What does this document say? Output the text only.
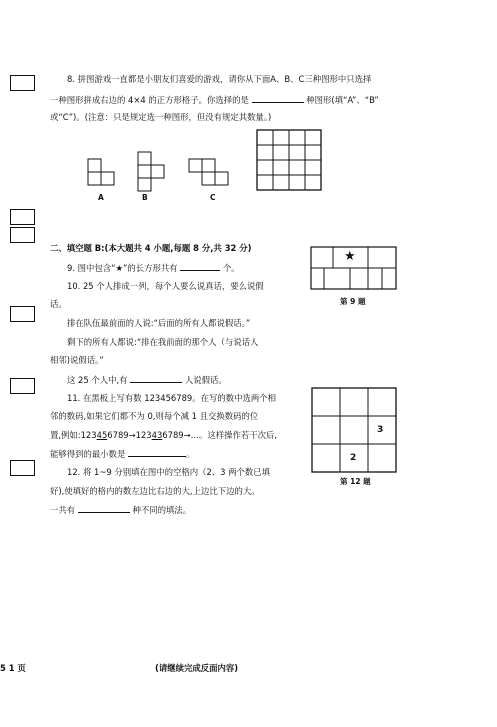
8. 拼图游戏一直都是小朋友们喜爱的游戏，请你从下面A、B、C三种图形中只选择
一种图形拼成右边的 4×4 的正方形格子。你选择的是	种图形(填“A”、“B”
或“C”)。(注意：只是规定选一种图形，但没有规定其数量。)
A	B	C
二、填空题 B:(本大题共 4 小题,每题 8 分,共 32 分)
9. 图中包含“★”的长方形共有	个。
★
第 9 题
10. 25 个人排成一列，每个人要么说真话，要么说假
话。
排在队伍最前面的人说:“后面的所有人都说假话。”
剩下的所有人都说:“排在我前面的那个人（与说话人
相邻)说假话。”
这 25 个人中,有	人说假话。
11. 在黑板上写有数 123456789。在写的数中选两个相
邻的数码,如果它们都不为 0,则每个减 1 且交换数码的位
置,例如:123456789→123436789→…。这样操作若干次后,
能够得到的最小数是	。
3
2
第 12 题
12. 将 1~9 分别填在图中的空格内（2、3 两个数已填
好),使填好的格内的数左边比右边的大,上边比下边的大。
一共有	种不同的填法。
5 1 页	(请继续完成反面内容)
